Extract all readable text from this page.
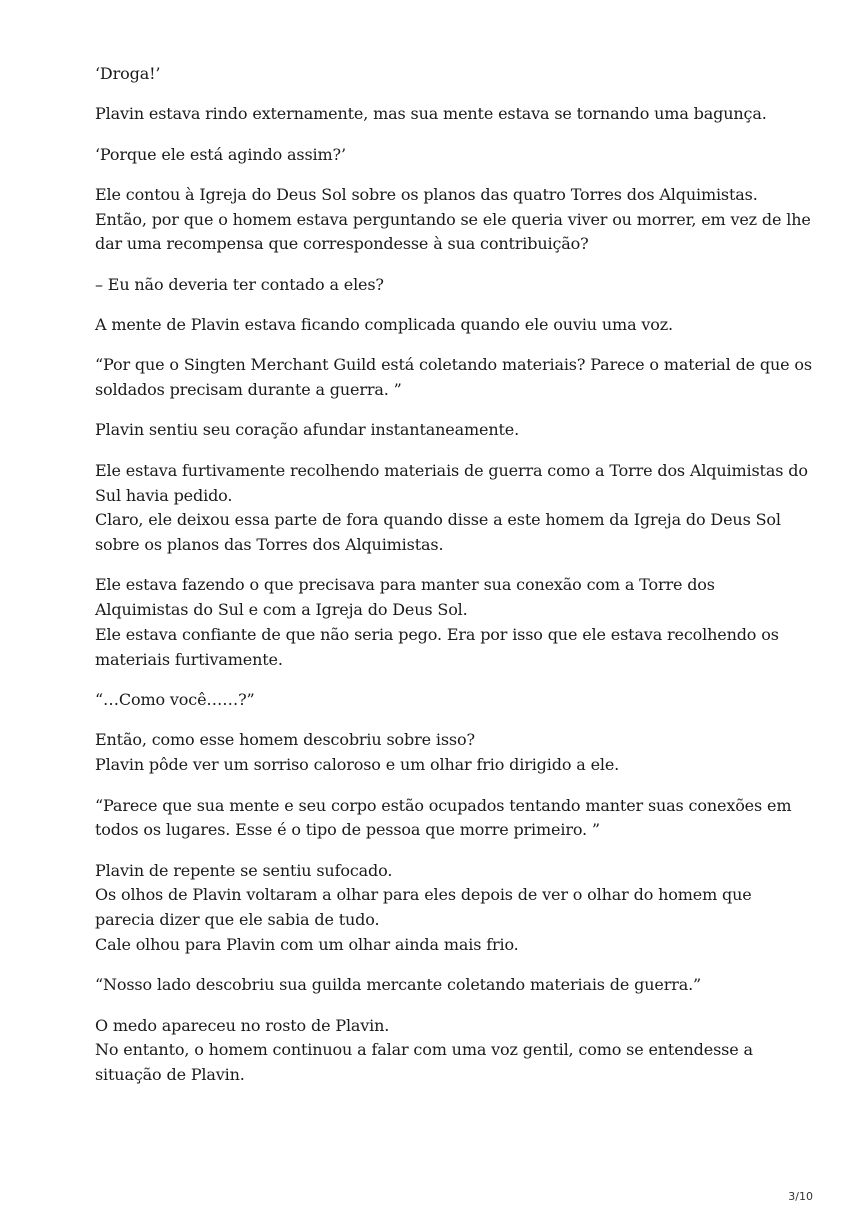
‘Droga!’

Plavin estava rindo externamente, mas sua mente estava se tornando uma bagunça.

‘Porque ele está agindo assim?’

Ele contou à Igreja do Deus Sol sobre os planos das quatro Torres dos Alquimistas.
Então, por que o homem estava perguntando se ele queria viver ou morrer, em vez de lhe
dar uma recompensa que correspondesse à sua contribuição?

– Eu não deveria ter contado a eles?

A mente de Plavin estava ficando complicada quando ele ouviu uma voz.

“Por que o Singten Merchant Guild está coletando materiais? Parece o material de que os
soldados precisam durante a guerra. ”

Plavin sentiu seu coração afundar instantaneamente.

Ele estava furtivamente recolhendo materiais de guerra como a Torre dos Alquimistas do
Sul havia pedido.
Claro, ele deixou essa parte de fora quando disse a este homem da Igreja do Deus Sol
sobre os planos das Torres dos Alquimistas.

Ele estava fazendo o que precisava para manter sua conexão com a Torre dos
Alquimistas do Sul e com a Igreja do Deus Sol.
Ele estava confiante de que não seria pego. Era por isso que ele estava recolhendo os
materiais furtivamente.

“…Como você……?”

Então, como esse homem descobriu sobre isso?
Plavin pôde ver um sorriso caloroso e um olhar frio dirigido a ele.

“Parece que sua mente e seu corpo estão ocupados tentando manter suas conexões em
todos os lugares. Esse é o tipo de pessoa que morre primeiro. ”

Plavin de repente se sentiu sufocado.
Os olhos de Plavin voltaram a olhar para eles depois de ver o olhar do homem que
parecia dizer que ele sabia de tudo.
Cale olhou para Plavin com um olhar ainda mais frio.

“Nosso lado descobriu sua guilda mercante coletando materiais de guerra.”

O medo apareceu no rosto de Plavin.
No entanto, o homem continuou a falar com uma voz gentil, como se entendesse a
situação de Plavin.

3/10
